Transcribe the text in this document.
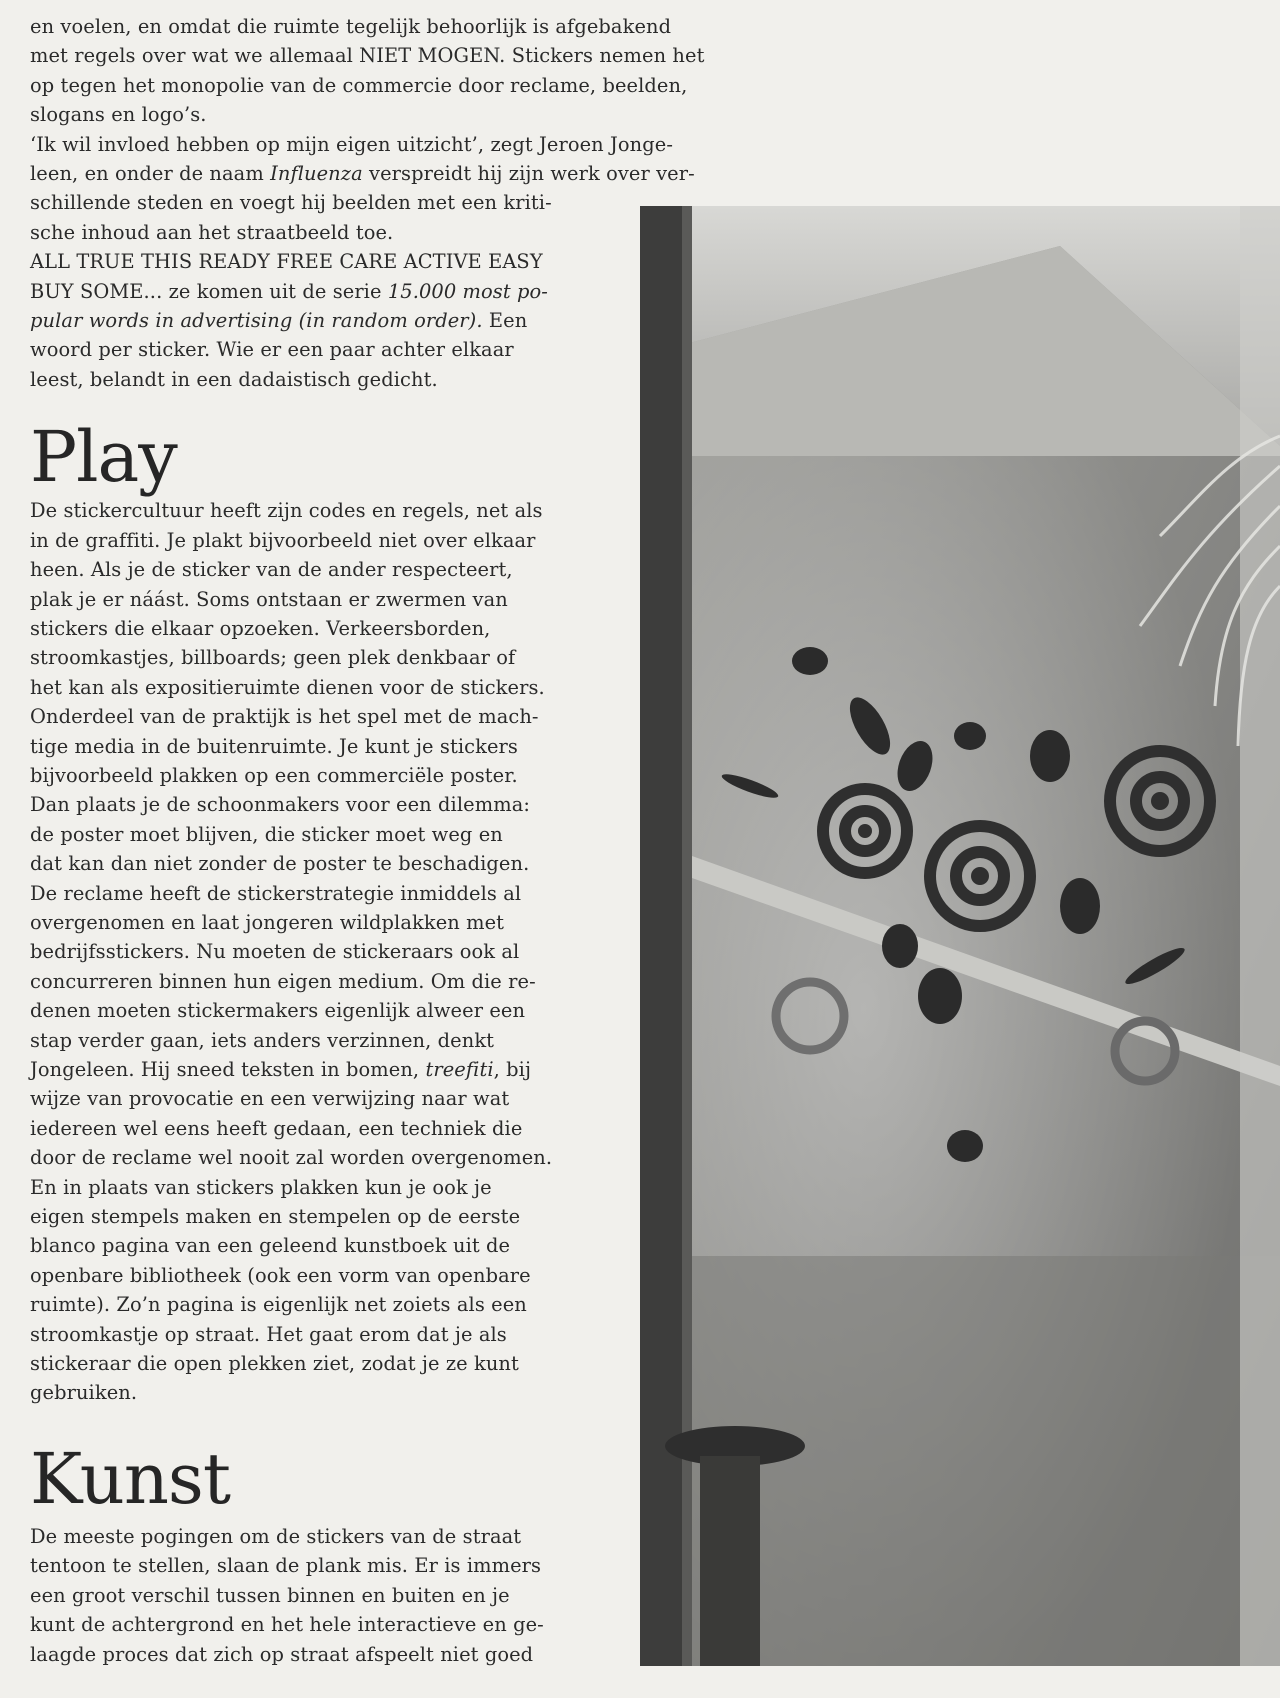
en voelen, en omdat die ruimte tegelijk behoorlijk is afgebakend
met regels over wat we allemaal NIET MOGEN. Stickers nemen het
op tegen het monopolie van de commercie door reclame, beelden,
slogans en logo’s.

‘Ik wil invloed hebben op mijn eigen uitzicht’, zegt Jeroen Jonge-
leen, en onder de naam Influenza verspreidt hij zijn werk over ver-
schillende steden en voegt hij beelden met een kriti-
sche inhoud aan het straatbeeld toe.

ALL TRUE THIS READY FREE CARE ACTIVE EASY
BUY SOME... ze komen uit de serie 15.000 most po-
pular words in advertising (in random order). Een
woord per sticker. Wie er een paar achter elkaar
leest, belandt in een dadaistisch gedicht.

Play

De stickercultuur heeft zijn codes en regels, net als
in de graffiti. Je plakt bijvoorbeeld niet over elkaar
heen. Als je de sticker van de ander respecteert,
plak je er náást. Soms ontstaan er zwermen van
stickers die elkaar opzoeken. Verkeersborden,
stroomkastjes, billboards; geen plek denkbaar of
het kan als expositieruimte dienen voor de stickers.
Onderdeel van de praktijk is het spel met de mach-
tige media in de buitenruimte. Je kunt je stickers
bijvoorbeeld plakken op een commerciële poster.
Dan plaats je de schoonmakers voor een dilemma:
de poster moet blijven, die sticker moet weg en
dat kan dan niet zonder de poster te beschadigen.
De reclame heeft de stickerstrategie inmiddels al
overgenomen en laat jongeren wildplakken met
bedrijfsstickers. Nu moeten de stickeraars ook al
concurreren binnen hun eigen medium. Om die re-
denen moeten stickermakers eigenlijk alweer een
stap verder gaan, iets anders verzinnen, denkt
Jongeleen. Hij sneed teksten in bomen, treefiti, bij
wijze van provocatie en een verwijzing naar wat
iedereen wel eens heeft gedaan, een techniek die
door de reclame wel nooit zal worden overgenomen.
En in plaats van stickers plakken kun je ook je
eigen stempels maken en stempelen op de eerste
blanco pagina van een geleend kunstboek uit de
openbare bibliotheek (ook een vorm van openbare
ruimte). Zo’n pagina is eigenlijk net zoiets als een
stroomkastje op straat. Het gaat erom dat je als
stickeraar die open plekken ziet, zodat je ze kunt
gebruiken.

Kunst

De meeste pogingen om de stickers van de straat
tentoon te stellen, slaan de plank mis. Er is immers
een groot verschil tussen binnen en buiten en je
kunt de achtergrond en het hele interactieve en ge-
laagde proces dat zich op straat afspeelt niet goed
